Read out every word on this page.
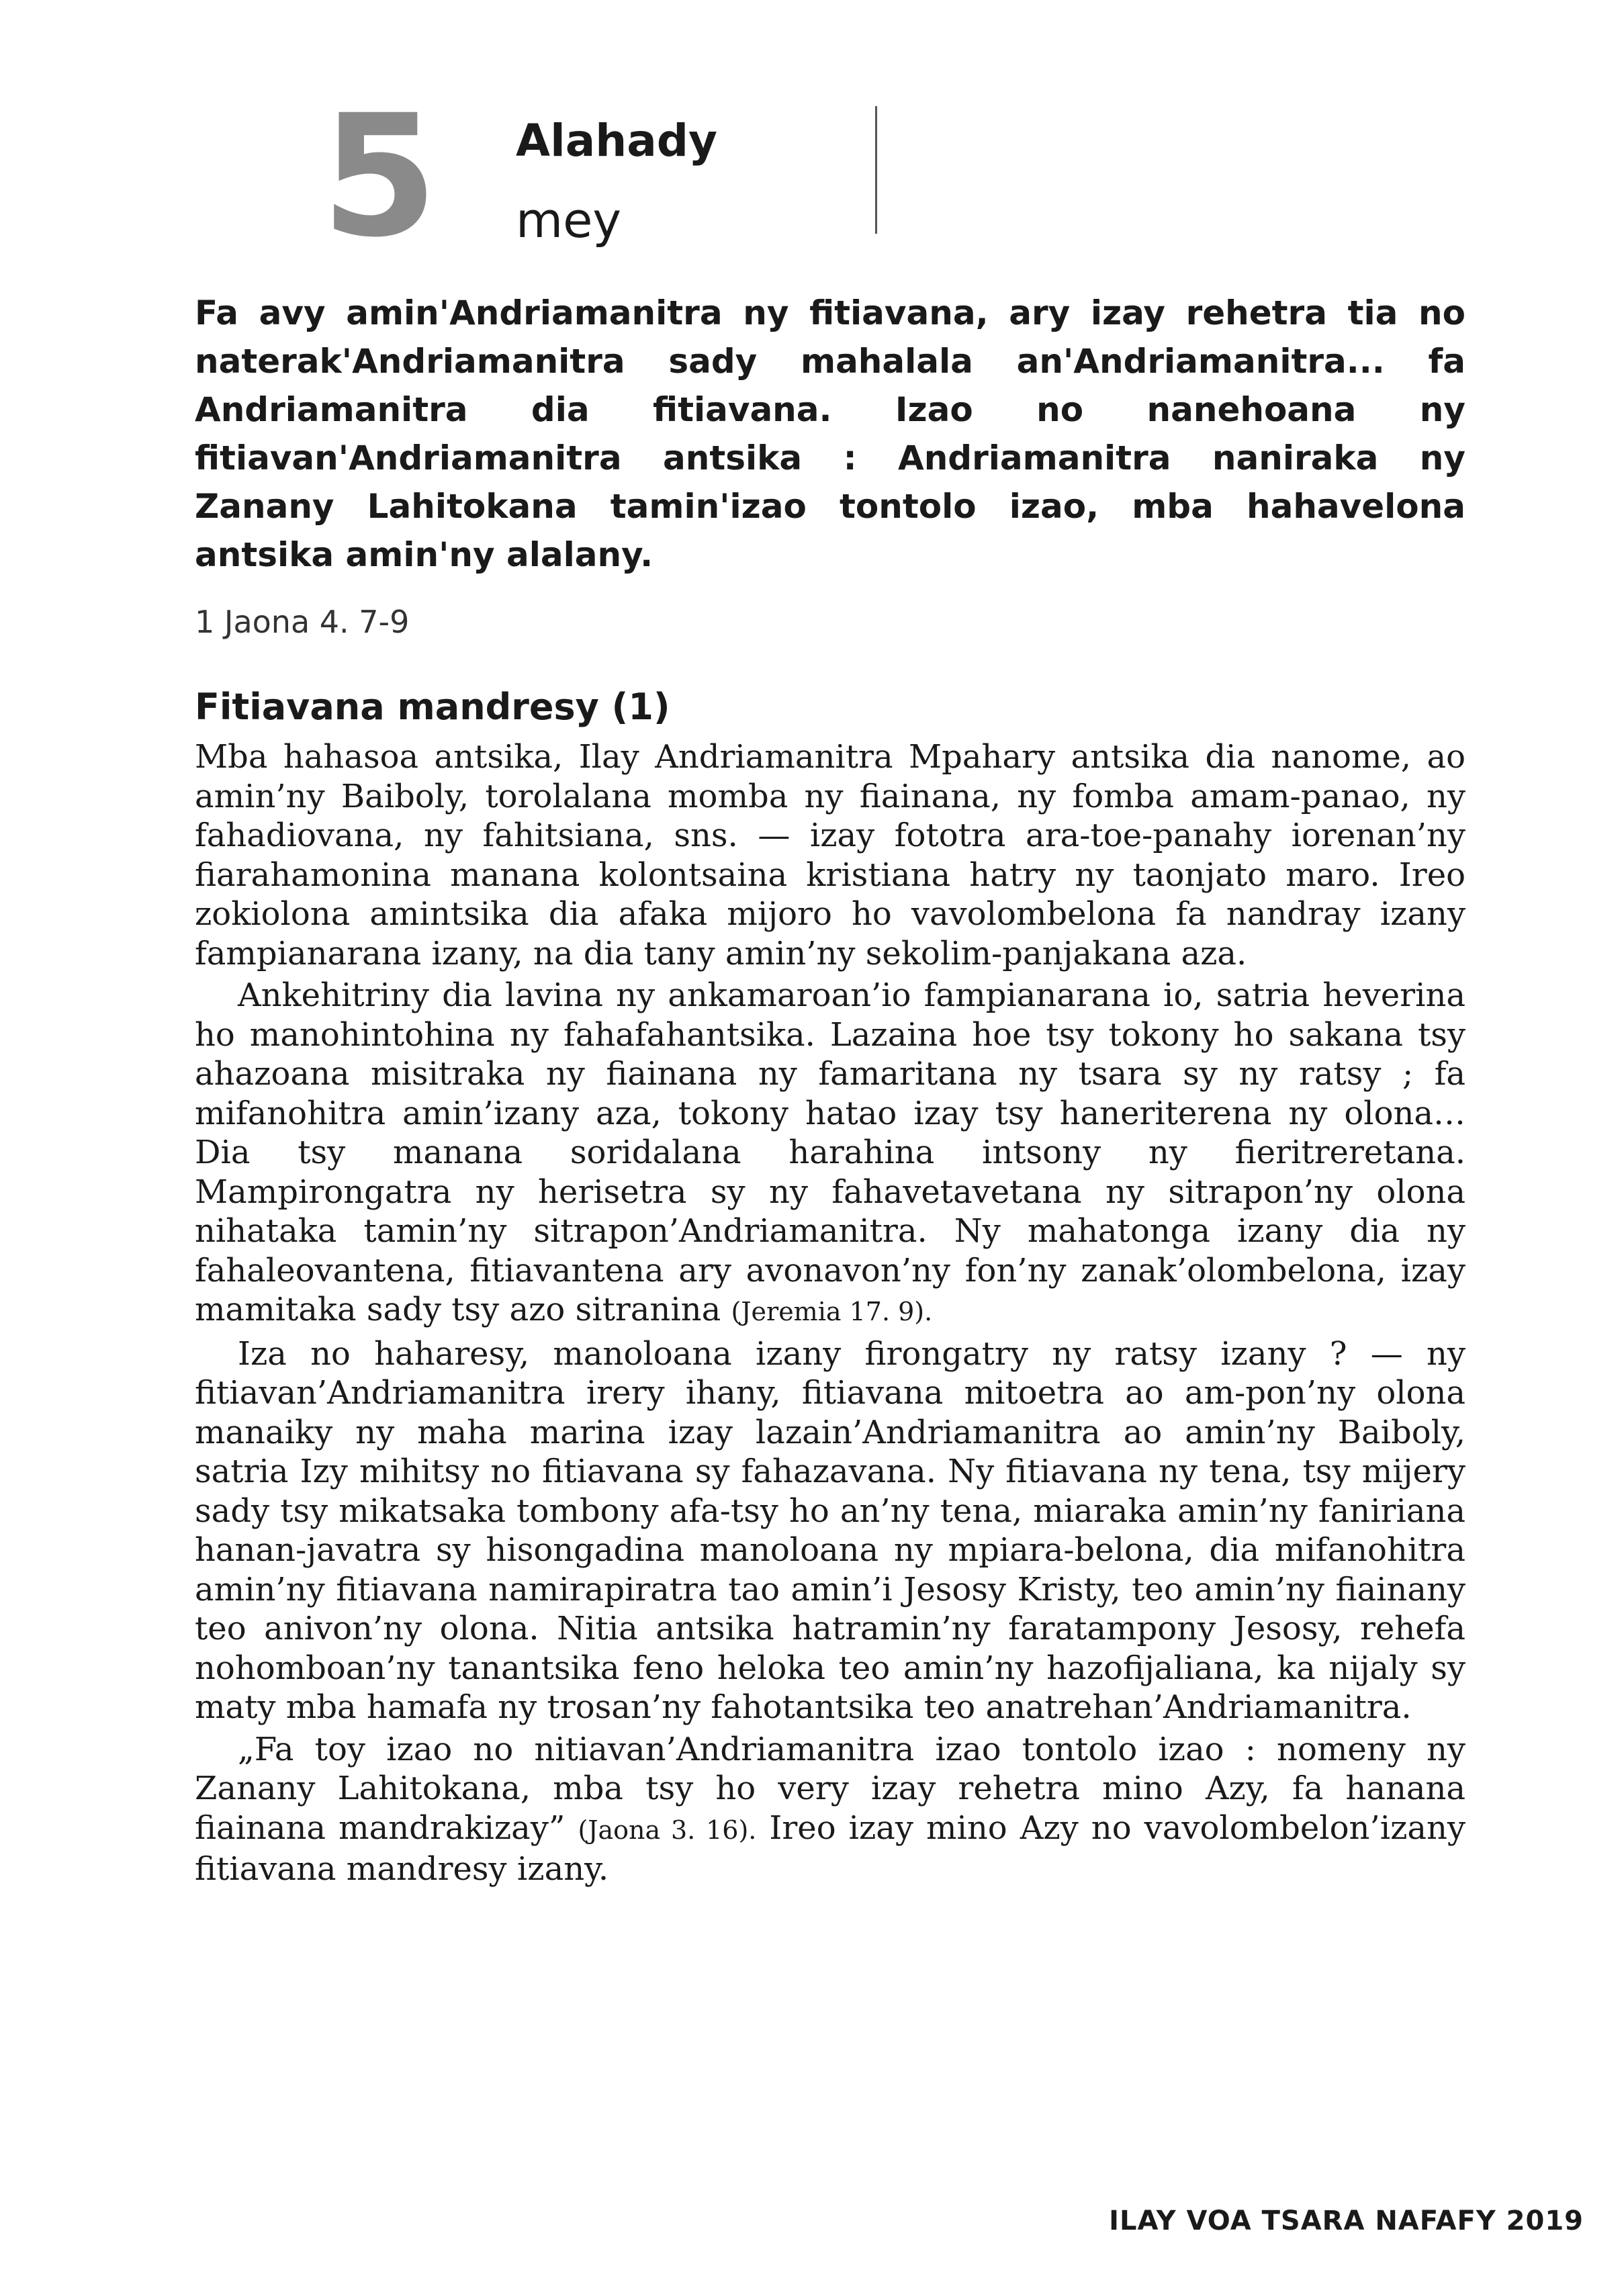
5 Alahady
mey
Fa avy amin'Andriamanitra ny fitiavana, ary izay rehetra tia no naterak'Andriamanitra sady mahalala an'Andriamanitra... fa Andriamanitra dia fitiavana. Izao no nanehoana ny fitiavan'Andriamanitra antsika : Andriamanitra naniraka ny Zanany Lahitokana tamin'izao tontolo izao, mba hahavelona antsika amin'ny alalany.
1 Jaona 4. 7-9
Fitiavana mandresy (1)

Mba hahasoa antsika, Ilay Andriamanitra Mpahary antsika dia nanome, ao amin’ny Baiboly, torolalana momba ny fiainana, ny fomba amam-panao, ny fahadiovana, ny fahitsiana, sns. — izay fototra ara-toe-panahy iorenan’ny fiarahamonina manana kolontsaina kristiana hatry ny taonjato maro. Ireo zokiolona amintsika dia afaka mijoro ho vavolombelona fa nandray izany fampianarana izany, na dia tany amin’ny sekolim-panjakana aza.

Ankehitriny dia lavina ny ankamaroan’io fampianarana io, satria heverina ho manohintohina ny fahafahantsika. Lazaina hoe tsy tokony ho sakana tsy ahazoana misitraka ny fiainana ny famaritana ny tsara sy ny ratsy ; fa mifanohitra amin’izany aza, tokony hatao izay tsy haneriterena ny olona… Dia tsy manana soridalana harahina intsony ny fieritreretana. Mampirongatra ny herisetra sy ny fahavetavetana ny sitrapon’ny olona nihataka tamin’ny sitrapon’Andriamanitra. Ny mahatonga izany dia ny fahaleovantena, fitiavantena ary avonavon’ny fon’ny zanak’olombelona, izay mamitaka sady tsy azo sitranina (Jeremia 17. 9).

Iza no haharesy, manoloana izany firongatry ny ratsy izany ? — ny fitiavan’Andriamanitra irery ihany, fitiavana mitoetra ao am-pon’ny olona manaiky ny maha marina izay lazain’Andriamanitra ao amin’ny Baiboly, satria Izy mihitsy no fitiavana sy fahazavana. Ny fitiavana ny tena, tsy mijery sady tsy mikatsaka tombony afa-tsy ho an’ny tena, miaraka amin’ny faniriana hanan-javatra sy hisongadina manoloana ny mpiara-belona, dia mifanohitra amin’ny fitiavana namirapiratra tao amin’i Jesosy Kristy, teo amin’ny fiainany teo anivon’ny olona. Nitia antsika hatramin’ny faratampony Jesosy, rehefa nohomboan’ny tanantsika feno heloka teo amin’ny hazofijaliana, ka nijaly sy maty mba hamafa ny trosan’ny fahotantsika teo anatrehan’Andriamanitra.

„Fa toy izao no nitiavan’Andriamanitra izao tontolo izao : nomeny ny Zanany Lahitokana, mba tsy ho very izay rehetra mino Azy, fa hanana fiainana mandrakizay” (Jaona 3. 16). Ireo izay mino Azy no vavolombelon’izany fitiavana mandresy izany.

ILAY VOA TSARA NAFAFY 2019
